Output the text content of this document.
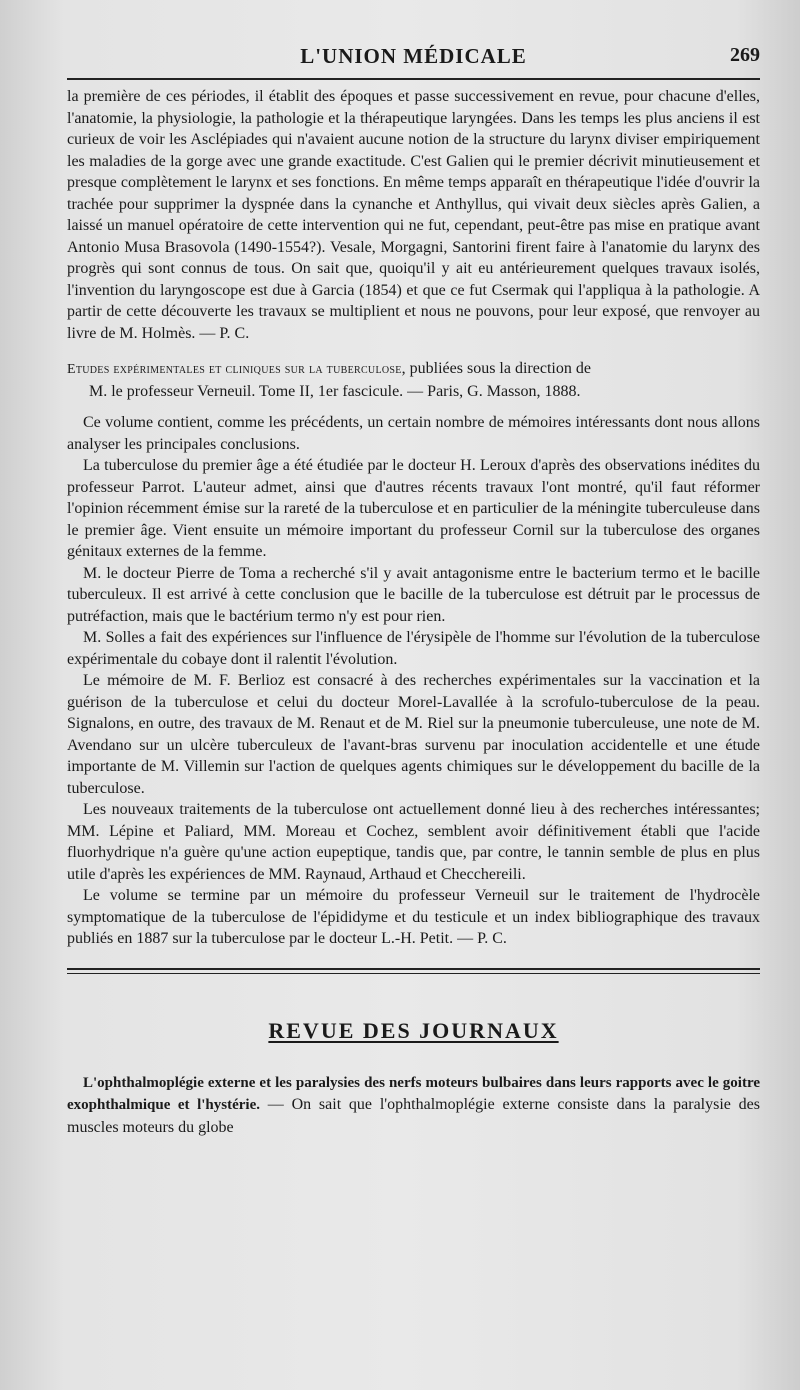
L'UNION MÉDICALE	269

la première de ces périodes, il établit des époques et passe successivement en revue, pour chacune d'elles, l'anatomie, la physiologie, la pathologie et la thérapeutique laryngées. Dans les temps les plus anciens il est curieux de voir les Asclépiades qui n'avaient aucune notion de la structure du larynx diviser empiriquement les maladies de la gorge avec une grande exactitude. C'est Galien qui le premier décrivit minutieusement et presque complètement le larynx et ses fonctions. En même temps apparaît en thérapeutique l'idée d'ouvrir la trachée pour supprimer la dyspnée dans la cynanche et Anthyllus, qui vivait deux siècles après Galien, a laissé un manuel opératoire de cette intervention qui ne fut, cependant, peut-être pas mise en pratique avant Antonio Musa Brasovola (1490-1554?). Vesale, Morgagni, Santorini firent faire à l'anatomie du larynx des progrès qui sont connus de tous. On sait que, quoiqu'il y ait eu antérieurement quelques travaux isolés, l'invention du laryngoscope est due à Garcia (1854) et que ce fut Csermak qui l'appliqua à la pathologie. A partir de cette découverte les travaux se multiplient et nous ne pouvons, pour leur exposé, que renvoyer au livre de M. Holmès. — P. C.

Etudes expérimentales et cliniques sur la tuberculose, publiées sous la direction de
M. le professeur Verneuil. Tome II, 1er fascicule. — Paris, G. Masson, 1888.

Ce volume contient, comme les précédents, un certain nombre de mémoires intéressants dont nous allons analyser les principales conclusions.

La tuberculose du premier âge a été étudiée par le docteur H. Leroux d'après des observations inédites du professeur Parrot. L'auteur admet, ainsi que d'autres récents travaux l'ont montré, qu'il faut réformer l'opinion récemment émise sur la rareté de la tuberculose et en particulier de la méningite tuberculeuse dans le premier âge. Vient ensuite un mémoire important du professeur Cornil sur la tuberculose des organes génitaux externes de la femme.

M. le docteur Pierre de Toma a recherché s'il y avait antagonisme entre le bacterium termo et le bacille tuberculeux. Il est arrivé à cette conclusion que le bacille de la tuberculose est détruit par le processus de putréfaction, mais que le bactérium termo n'y est pour rien.

M. Solles a fait des expériences sur l'influence de l'érysipèle de l'homme sur l'évolution de la tuberculose expérimentale du cobaye dont il ralentit l'évolution.

Le mémoire de M. F. Berlioz est consacré à des recherches expérimentales sur la vaccination et la guérison de la tuberculose et celui du docteur Morel-Lavallée à la scrofulo-tuberculose de la peau. Signalons, en outre, des travaux de M. Renaut et de M. Riel sur la pneumonie tuberculeuse, une note de M. Avendano sur un ulcère tuberculeux de l'avant-bras survenu par inoculation accidentelle et une étude importante de M. Villemin sur l'action de quelques agents chimiques sur le développement du bacille de la tuberculose.

Les nouveaux traitements de la tuberculose ont actuellement donné lieu à des recherches intéressantes; MM. Lépine et Paliard, MM. Moreau et Cochez, semblent avoir définitivement établi que l'acide fluorhydrique n'a guère qu'une action eupeptique, tandis que, par contre, le tannin semble de plus en plus utile d'après les expériences de MM. Raynaud, Arthaud et Checchereili.

Le volume se termine par un mémoire du professeur Verneuil sur le traitement de l'hydrocèle symptomatique de la tuberculose de l'épididyme et du testicule et un index bibliographique des travaux publiés en 1887 sur la tuberculose par le docteur L.-H. Petit. — P. C.

REVUE DES JOURNAUX

L'ophthalmoplégie externe et les paralysies des nerfs moteurs bulbaires dans leurs rapports avec le goitre exophthalmique et l'hystérie. — On sait que l'ophthalmoplégie externe consiste dans la paralysie des muscles moteurs du globe
